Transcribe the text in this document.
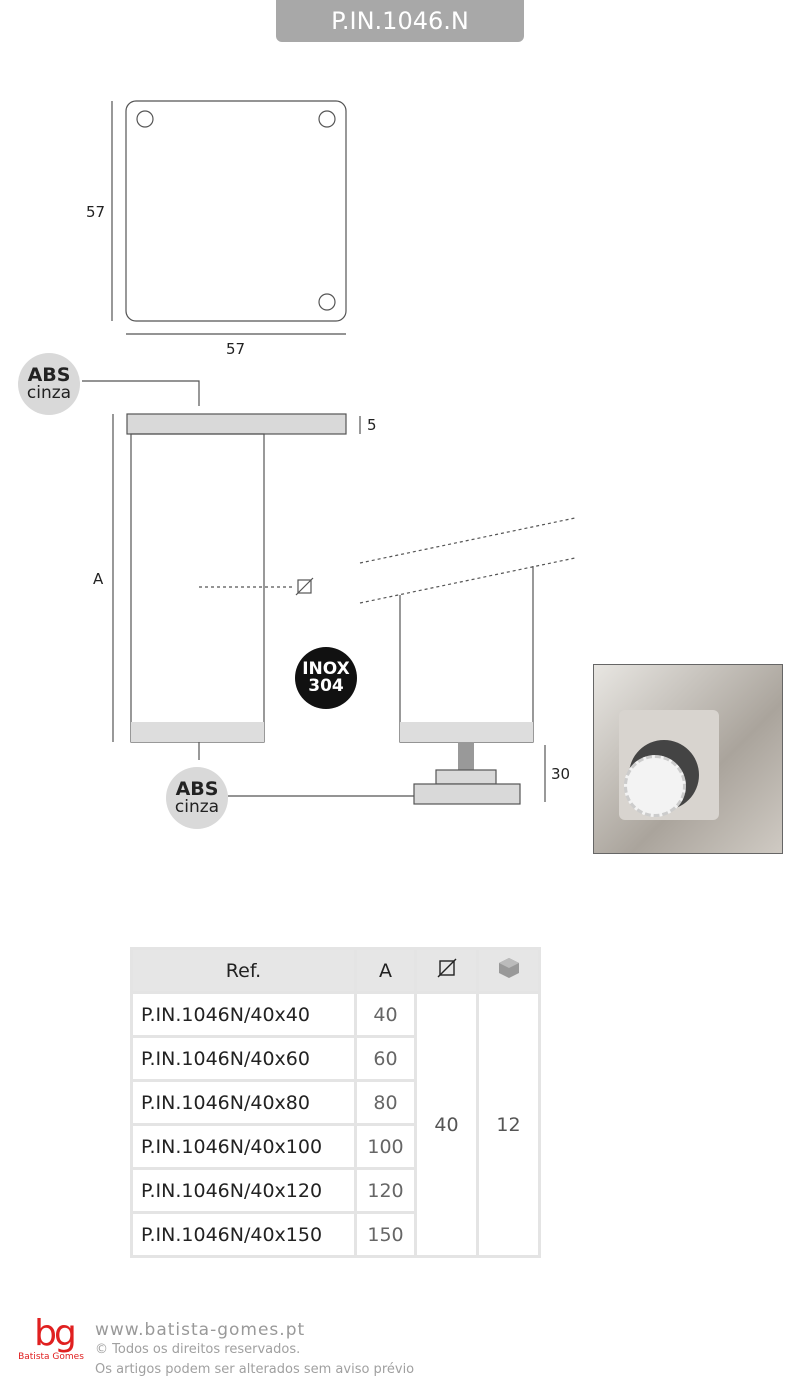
P.IN.1046.N
57
57
5
A
30
ABS
cinza
ABS
cinza
INOX
304
Ref.	A		
P.IN.1046N/40x40	40	40	12
P.IN.1046N/40x60	60		
P.IN.1046N/40x80	80		
P.IN.1046N/40x100	100		
P.IN.1046N/40x120	120		
P.IN.1046N/40x150	150		
bg
Batista Gomes
www.batista-gomes.pt
© Todos os direitos reservados.
Os artigos podem ser alterados sem aviso prévio
